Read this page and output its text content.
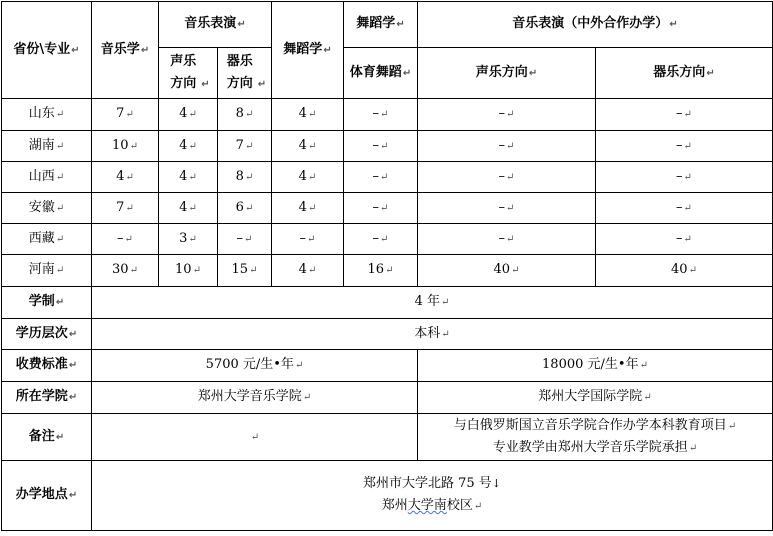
省份\专业↵	音乐学↵	音乐表演↵		舞蹈学↵	舞蹈学↵	音乐表演（中外合作办学）↵	
		声乐方向 ↵	器乐方向 ↵		体育舞蹈↵	声乐方向↵	器乐方向↵
山东↵	7↵	4↵	8↵	4↵	–↵	–↵	–↵
湖南↵	10↵	4↵	7↵	4↵	–↵	–↵	–↵
山西↵	4↵	4↵	8↵	4↵	–↵	–↵	–↵
安徽↵	7↵	4↵	6↵	4↵	–↵	–↵	–↵
西藏↵	–↵	3↵	–↵	–↵	–↵	–↵	–↵
河南↵	30↵	10↵	15↵	4↵	16↵	40↵	40↵
学制↵	4 年↵						
学历层次↵	本科↵						
收费标准↵	5700 元/生•年↵					18000 元/生•年↵	
所在学院↵	郑州大学音乐学院↵					郑州大学国际学院↵	
备注↵	↵					与白俄罗斯国立音乐学院合作办学本科教育项目↵
专业教学由郑州大学音乐学院承担↵	

办学地点↵	郑州市大学北路 75 号↓
郑州大学南校区↵						
